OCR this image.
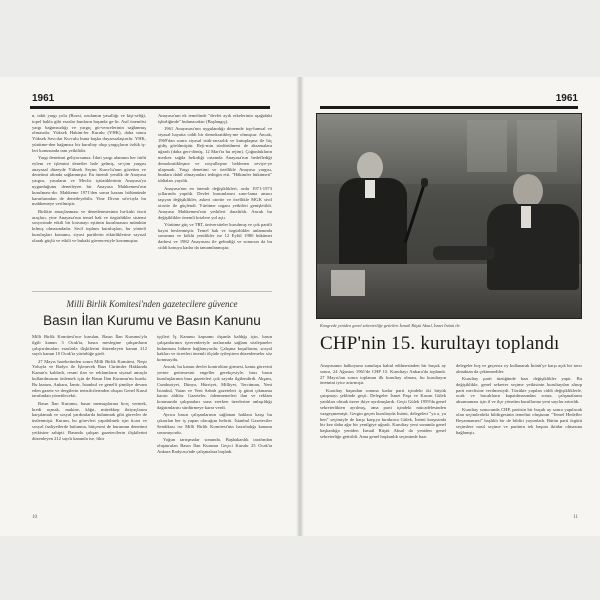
1961

n, tabii yargı yolu (Bozsi, ozulamın yasallığı ve kişi-seliği, topel hakla gibi esaslar bunların başında ge-lir. Asıl önemlisi yargı bağımsızlığı ve yargıç gü-vencelerinin sağlanmış olmasıdır. Yüksek Hakim-ler Kurulu (YHK), daha sonra Yüksek Savcılar Ku-rulu buna başka duyarsızlaştırılır. YHK, yürütme-den bağımsız bir kurultay olup yargıçların özlük iş-leri konusunda tam yetkilidir.

Yargı denetimi geliyorsunuz. İdari yargı alanının her türlü eylem ve işlemini denetler hale gelmiş, se-çim yargısı anayasal düzeyde Yüksek Seçim Kuru-lu'nun gözetim ve denetimi altında sağlanmıştır. En önemli yenilik de Anayasa yargısı, yasaların ve Meclis içtüzüklerinin Anayasa'ya uygunluğunu denetleyen bir Anayasa Mahkemesi'nin kurulması-dır. Mahkeme 1971'den sonra kazanı bölümünde kararlarından de denetleyebilir. Yine Divan sıfa-tıyla bu mahkemeye verilmiştir.

Birlikte amaçlanması ve denetlenmesinin hu-kuki öncü araçları, yine Anayasa'nın temel hak ve özgürlükler sistemi sosyosinde etkili bir korunayı eşitinin kurulmasını mümkün kılmış olmasındadır. Sivil toplum kuruluşları, bu yönteli kuruluşları konumu, siyasi partilerin etkinliklerine sayısal olarak güçlü ve etkili ve bukaki güvencesiyle korumuştur.

Anayasa'nın ek temelinde "devlet ayık erkelerinin aşağıdaki işbirliğinde" bulunacaktır (Başlangıç).

1961 Anayasası'nın uygulandığı dönemde top-lumsal ve siyasal hayatta ciddi bir demokratikleş-me olmuştur. Ancak, 1969'dan sonra siyasal istik-rarsızlık ve kutuplaşma ile hiç gidiş görülmüştür. Reji-min sürdürülmesi de aksamalara uğradı (daha geri-dönüş, 12 Mart'ta bu rejim). Çoğunlukların merkez sağda belirdiği ortamda Anayasa'nın hedeflediği demokratikleşme ve sosyalleşme beklenen seviye-ye ulaşmadı. Yargı denetimi ve özellikle Anayasa yargısı, bunlara dahil olmayanları tedirgin etti. "Hâkimler hükümeti" iddiaları yayıldı.

Anayasa'nın en önemli değişiklikleri, ordu 1971-1973 yıllarında yapıldı. Devlet kurumlarını sınır-lama amacı taşıyan değişiklikler, askeri otorite ve özellikle MGK sivil otorite ile güçlendi. Yürütme organı yetkileri genişletildi. Anayasa Mahkemesi'nin yetkileri daraltıldı. Ancak bu değişiklikler önemli krizlere yol açtı.

Yürütme güç ve TRT, üniversiteler kurulmuş ve çok partili hayat beslenmiştir. Temel hak ve özgürlükler anlamında savunma ve köklü yenilikler ise 12 Eylül 1980 hükümet darbesi ve 1982 Anayasası ile gelindiği ve sonucun da bu ciddi konuya kadar da tamamlanmıştır.

Milli Birlik Komitesi'nden gazetecilere güvence
Basın İlan Kurumu ve Basın Kanunu

Milli Birlik Komitesi'nce kurulan, Basın İlan Kurumu'yla ilgili kanun 3 Ocak'ta, basın meslegine çalışanların çalıştırılmaları esaslarla ilişkilerini düzenleyen kanun 212 sayılı kanun 10 Ocak'ta yürürlüğe girdi.

27 Mayıs hareketinden sonra Milli Birlik Komitesi, Neşir Yoluyla ve Radyo ile İşlenecek Bazı Cürümler Hakkında Kanun'u kaldırdı, resmi ilan ve reklamların siyasal amaçla kullanılmasını önlemek için de Basın İlan Kurumu'nu kurdu. Bu kurum, Ankara, İzmir, İstanbul ve genelli şimdiye devam eden gazete ve dergilerin temsilcilerinden oluşan Genel Kurul tarafından yönetilecekti.

Basın İlan Kurumu, basın mensuplarına borç vermek, kredi açmak, makine, kâğıt, mürekkep ihtiyaçlarını karşılamak ve sosyal yardımlarda bulunmak gibi görevler de üstlenmişti. Kurum, bu görevleri yapabilmek için ticari ve sosyal faaliyetlerde bulunma, bütçesini de kurumun denetimi yetkisine sahipti. Basında çalışan gazetecilerin ilişkilerini düzenleyen 212 sayılı kanunla ise, fikir

işçileri İş Kanunu kapsamı dışında kaldığı için, basın çalışanlarının işverenleriyle aralarında sağlam sözleşmeler bulunması hükme bağlanıyordu. Çalışma koşullarını, sosyal hakları ve ücretleri önemli ölçüde iyileştiren düzenlemeler söz konusuydu.

Ancak, bu kanun devlet kontrolüne girmesi, kamu görevini yerine getirmesini engeller gerekçesiyle, bazı basın kuruluşlarının bazı gazeteleri çok sayıda ilgilendirdi. Akşam, Cumhuriyet, Dünya, Hürriyet, Milliyet, Tercüman, Yeni İstanbul, Vatan ve Yeni Sabah gazeteleri iş günü çıkmama kararı aldılar. Gazeteler, ödenmemeleri ilan ve reklam konusunda çalışmaları sona ererken üzerlerine anlaşıldığı dağıtımlarını sürdürmeye karar verdi.

Ayrıca basın çalışanlarının sağlanan haklara karşı bu çıkarılan her iş yapan olacağını belirtti. İstanbul Gazeteciler Sendikası ise Milli Birlik Komitesi'nin hazırladığı kanunu savunuyordu.

Yoğun tartışmalar sonunda, Başbakanlık tarafından oluşturulan Basın İlan Kurumu Geçici Kurulu 25 Ocak'ta Ankara Radyosu'nde çalışmalara başladı.

10
1961
Kongrede yeniden genel sekreterliğe getirilen İsmail Rüştü Aksal, İsmet İnönü ile.
CHP'nin 15. kurultayı toplandı

Anayasanın halkoyuna sunuluşu kabul edilmesinden bir buçuk ay sonra, 24 Ağustos 1961'de CHP 15. Kurultayı Ankara'da toplandı. 27 Mayıs'tan sonra toplanan ilk kurultay olması, bu kurultayın önemini iyice artırmıştı.

Kurultay başından sonuna kadar parti içindeki iki büyük çatışmayı şeklinde geçti. Delegeler İsmet Paşa ve Kasım Gülek yanlıları olmak üzere ikiye ayrılmışlardı. Geçit Gülek 1959'da genel sekreterlikten ayrılmış, ama parti içindeki mücadelesinden vazgeçmemişti. Gergin geçen kurultayda İnönü, delegeleri "ya o, ya ben" seçimiyle de karşı karşıya bırakınca Gülek, İnönü karşısında bir kez daha ağır bir yenilgiye uğradı. Kurultay yeni sonunda genel başkanlığa yeniden İsmail Rüştü Aksal da yeniden genel sekreterliğe getirildi. Ama genel başkanlık seçiminde bazı

delegeler boş ve geçersiz oy kullanarak İnönü'ye karşı açık bir tavır almaktan da çekinmediler.

Kurultay parti tüzüğünde bazı değişiklikler yaptı. Bu değişiklikle, genel sekreter seçime yetkisinin kurultaydan alınıp parti meclisine verilmesiydi. Tüzükte yapılan ciddi değişikliklerle, ocak ve bucakların kapatılmasından sonra, çalışmalarını aksamaması için il ve ilçe yönetim kurullarına yeni sayılar artırıldı.

Kurultay sonucunda CHP, partisin bir buçuk ay sonra yapılacak olan seçimlerdeki bildirgesinin temelini oluşturan "Temel Hedefler Beyannamesi" başlıklı bir de bildiri yayımladı. Bütün parti örgütü seçimlere nasıl seçime ve partinin tek başına iktidar olmasına bağlanıştı.

11
